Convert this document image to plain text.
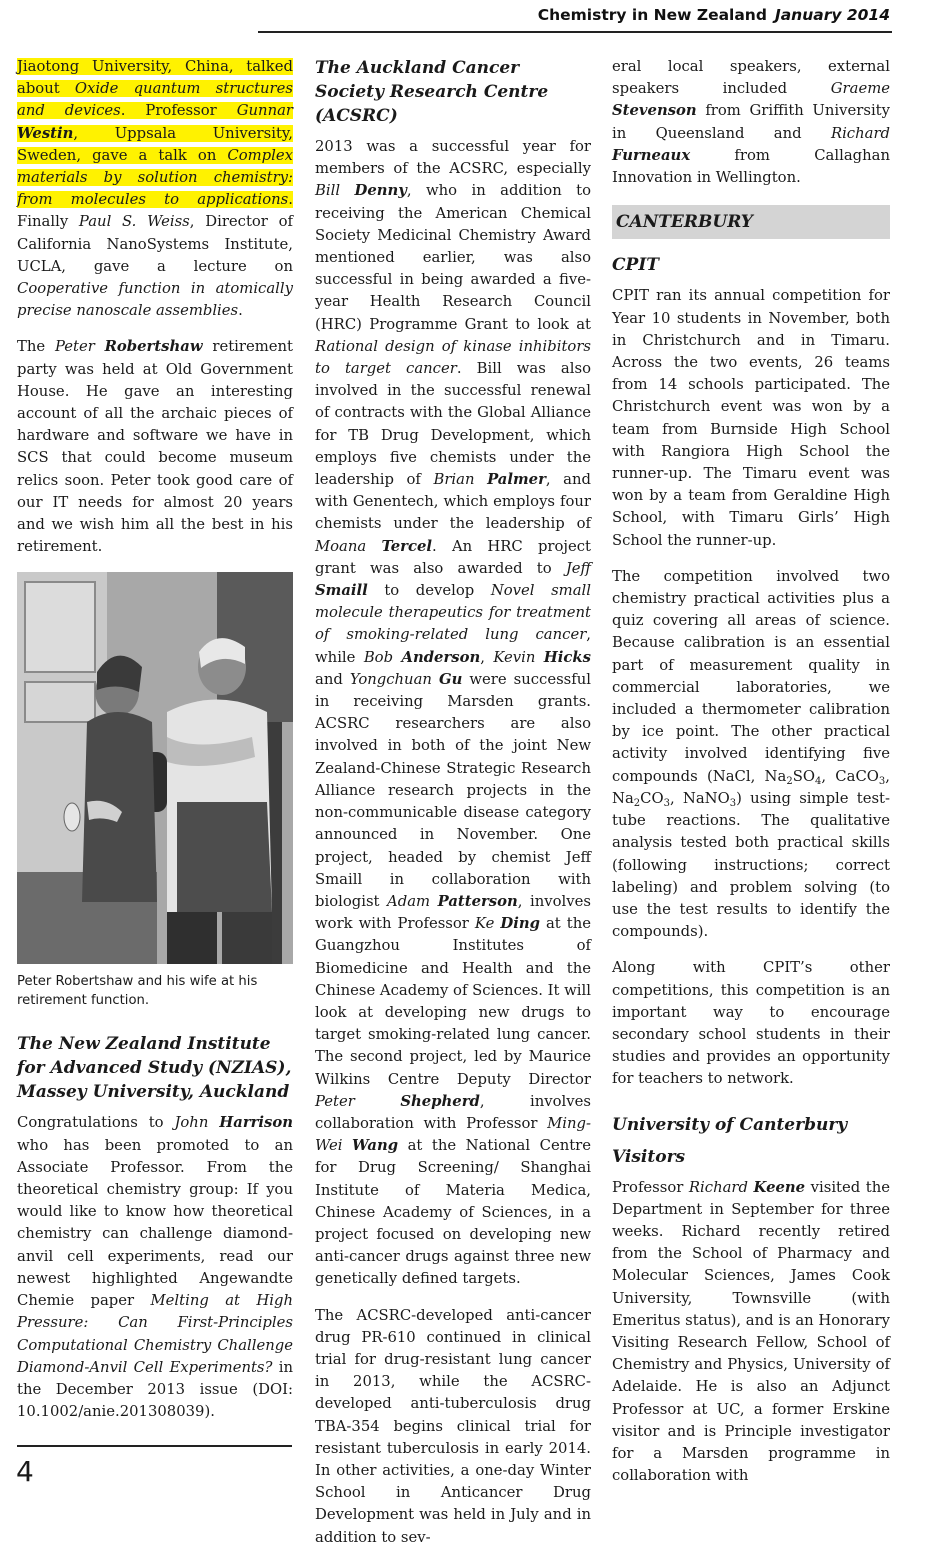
Chemistry in New Zealand January 2014

Jiaotong University, China, talked about Oxide quantum structures and devices. Professor Gunnar Westin, Uppsala University, Sweden, gave a talk on Complex materials by solution chemistry: from molecules to applications. Finally Paul S. Weiss, Director of California NanoSystems Institute, UCLA, gave a lecture on Cooperative function in atomically precise nanoscale assemblies.

The Peter Robertshaw retirement party was held at Old Government House. He gave an interesting account of all the archaic pieces of hardware and software we have in SCS that could become museum relics soon. Peter took good care of our IT needs for almost 20 years and we wish him all the best in his retirement.

Peter Robertshaw and his wife at his retirement function.
The New Zealand Institute for Advanced Study (NZIAS), Massey University, Auckland

Congratulations to John Harrison who has been promoted to an Associate Professor. From the theoretical chemistry group: If you would like to know how theoretical chemistry can challenge diamond-anvil cell experiments, read our newest highlighted Angewandte Chemie paper Melting at High Pressure: Can First-Principles Computational Chemistry Challenge Diamond-Anvil Cell Experiments? in the December 2013 issue (DOI: 10.1002/anie.201308039).

The Auckland Cancer Society Research Centre (ACSRC)

2013 was a successful year for members of the ACSRC, especially Bill Denny, who in addition to receiving the American Chemical Society Medicinal Chemistry Award mentioned earlier, was also successful in being awarded a five-year Health Research Council (HRC) Programme Grant to look at Rational design of kinase inhibitors to target cancer. Bill was also involved in the successful renewal of contracts with the Global Alliance for TB Drug Development, which employs five chemists under the leadership of Brian Palmer, and with Genentech, which employs four chemists under the leadership of Moana Tercel. An HRC project grant was also awarded to Jeff Smaill to develop Novel small molecule therapeutics for treatment of smoking-related lung cancer, while Bob Anderson, Kevin Hicks and Yongchuan Gu were successful in receiving Marsden grants. ACSRC researchers are also involved in both of the joint New Zealand-Chinese Strategic Research Alliance research projects in the non-communicable disease category announced in November. One project, headed by chemist Jeff Smaill in collaboration with biologist Adam Patterson, involves work with Professor Ke Ding at the Guangzhou Institutes of Biomedicine and Health and the Chinese Academy of Sciences. It will look at developing new drugs to target smoking-related lung cancer. The second project, led by Maurice Wilkins Centre Deputy Director Peter Shepherd, involves collaboration with Professor Ming-Wei Wang at the National Centre for Drug Screening/ Shanghai Institute of Materia Medica, Chinese Academy of Sciences, in a project focused on developing new anti-cancer drugs against three new genetically defined targets.

The ACSRC-developed anti-cancer drug PR-610 continued in clinical trial for drug-resistant lung cancer in 2013, while the ACSRC-developed anti-tuberculosis drug TBA-354 begins clinical trial for resistant tuberculosis in early 2014. In other activities, a one-day Winter School in Anticancer Drug Development was held in July and in addition to sev-

eral local speakers, external speakers included Graeme Stevenson from Griffith University in Queensland and Richard Furneaux from Callaghan Innovation in Wellington.

CANTERBURY
CPIT

CPIT ran its annual competition for Year 10 students in November, both in Christchurch and in Timaru. Across the two events, 26 teams from 14 schools participated. The Christchurch event was won by a team from Burnside High School with Rangiora High School the runner-up. The Timaru event was won by a team from Geraldine High School, with Timaru Girls’ High School the runner-up.

The competition involved two chemistry practical activities plus a quiz covering all areas of science. Because calibration is an essential part of measurement quality in commercial laboratories, we included a thermometer calibration by ice point. The other practical activity involved identifying five compounds (NaCl, $Na_2SO_4$, CaCO$_3$, $Na_2CO_3$, NaNO$_3$) using simple test-tube reactions. The qualitative analysis tested both practical skills (following instructions; correct labeling) and problem solving (to use the test results to identify the compounds).

Along with CPIT’s other competitions, this competition is an important way to encourage secondary school students in their studies and provides an opportunity for teachers to network.

University of Canterbury
Visitors

Professor Richard Keene visited the Department in September for three weeks. Richard recently retired from the School of Pharmacy and Molecular Sciences, James Cook University, Townsville (with Emeritus status), and is an Honorary Visiting Research Fellow, School of Chemistry and Physics, University of Adelaide. He is also an Adjunct Professor at UC, a former Erskine visitor and is Principle investigator for a Marsden programme in collaboration with

4
